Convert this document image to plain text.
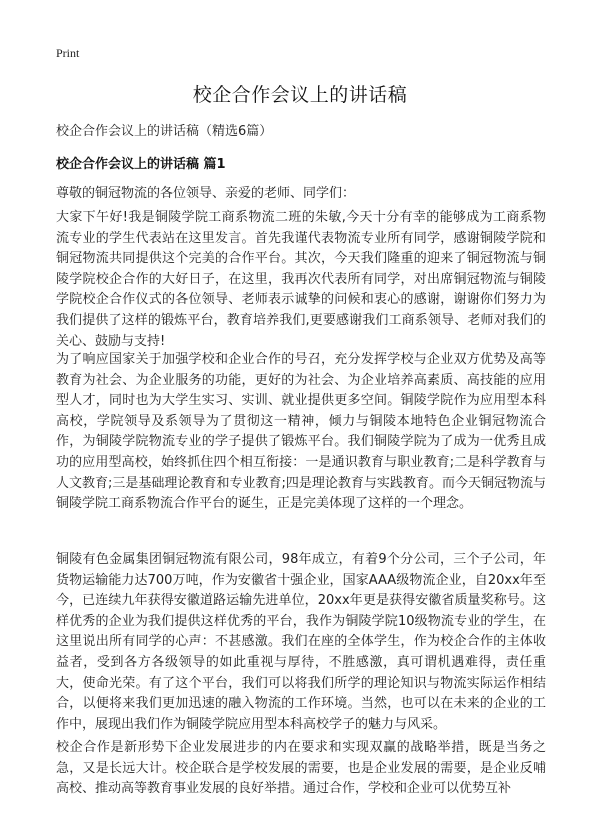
Print
校企合作会议上的讲话稿
校企合作会议上的讲话稿（精选6篇）
校企合作会议上的讲话稿 篇1
尊敬的铜冠物流的各位领导、亲爱的老师、同学们：

大家下午好!我是铜陵学院工商系物流二班的朱敏,今天十分有幸的能够成为工商系物流专业的学生代表站在这里发言。首先我谨代表物流专业所有同学，感谢铜陵学院和铜冠物流共同提供这个完美的合作平台。其次，今天我们隆重的迎来了铜冠物流与铜陵学院校企合作的大好日子，在这里，我再次代表所有同学，对出席铜冠物流与铜陵学院校企合作仪式的各位领导、老师表示诚挚的问候和衷心的感谢，谢谢你们努力为我们提供了这样的锻炼平台，教育培养我们,更要感谢我们工商系领导、老师对我们的关心、鼓励与支持!

为了响应国家关于加强学校和企业合作的号召，充分发挥学校与企业双方优势及高等教育为社会、为企业服务的功能，更好的为社会、为企业培养高素质、高技能的应用型人才，同时也为大学生实习、实训、就业提供更多空间。铜陵学院作为应用型本科高校，学院领导及系领导为了贯彻这一精神，倾力与铜陵本地特色企业铜冠物流合作，为铜陵学院物流专业的学子提供了锻炼平台。我们铜陵学院为了成为一优秀且成功的应用型高校，始终抓住四个相互衔接：一是通识教育与职业教育;二是科学教育与人文教育;三是基础理论教育和专业教育;四是理论教育与实践教育。而今天铜冠物流与铜陵学院工商系物流合作平台的诞生，正是完美体现了这样的一个理念。

铜陵有色金属集团铜冠物流有限公司，98年成立，有着9个分公司，三个子公司，年货物运输能力达700万吨，作为安徽省十强企业，国家AAA级物流企业，自20xx年至今，已连续九年获得安徽道路运输先进单位，20xx年更是获得安徽省质量奖称号。这样优秀的企业为我们提供这样优秀的平台，我作为铜陵学院10级物流专业的学生，在这里说出所有同学的心声：不甚感激。我们在座的全体学生，作为校企合作的主体收益者，受到各方各级领导的如此重视与厚待，不胜感激，真可谓机遇难得，责任重大，使命光荣。有了这个平台，我们可以将我们所学的理论知识与物流实际运作相结合，以便将来我们更加迅速的融入物流的工作环境。当然，也可以在未来的企业的工作中，展现出我们作为铜陵学院应用型本科高校学子的魅力与风采。

校企合作是新形势下企业发展进步的内在要求和实现双赢的战略举措，既是当务之急，又是长远大计。校企联合是学校发展的需要，也是企业发展的需要，是企业反哺高校、推动高等教育事业发展的良好举措。通过合作，学校和企业可以优势互补
